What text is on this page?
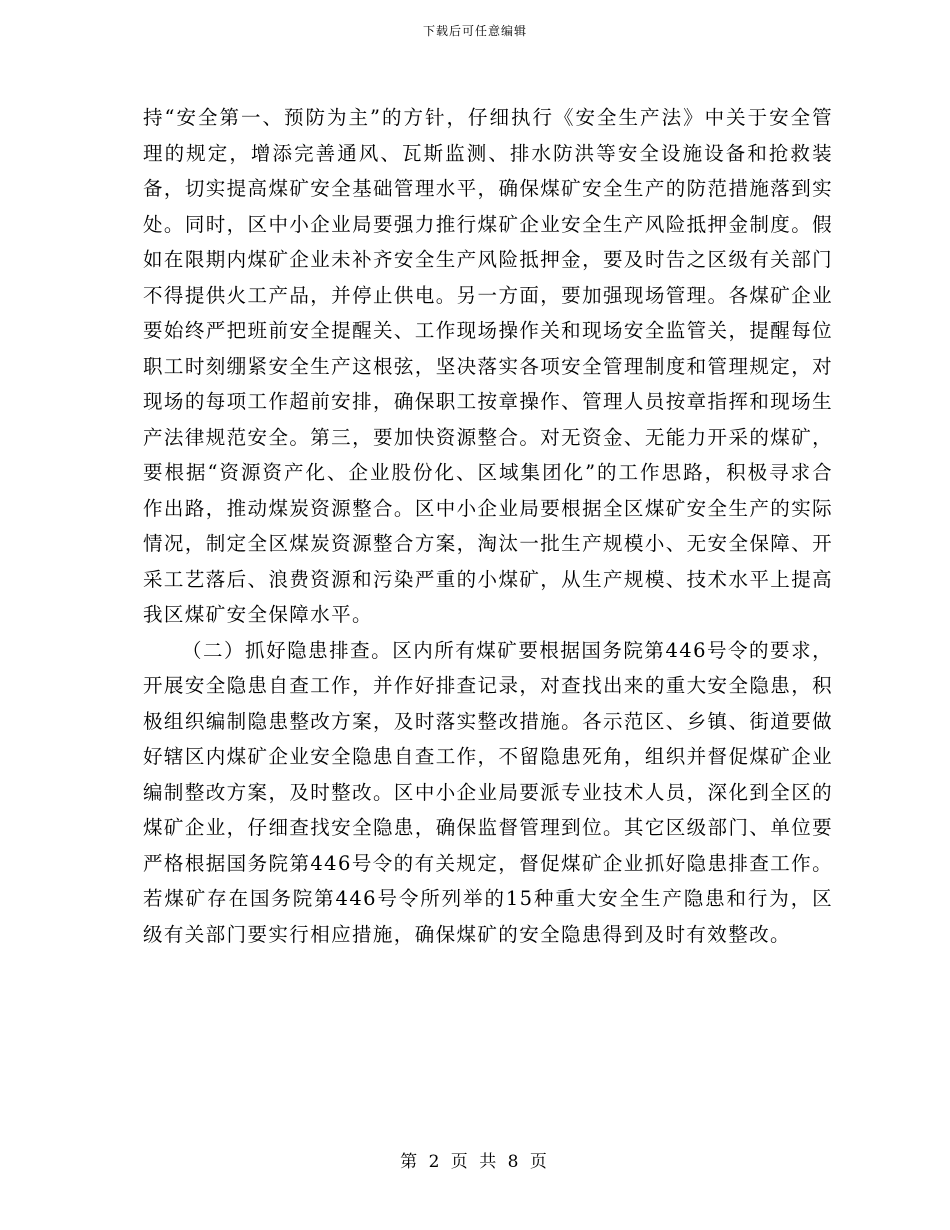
下载后可任意编辑

持“安全第一、预防为主”的方针，仔细执行《安全生产法》中关于安全管理的规定，增添完善通风、瓦斯监测、排水防洪等安全设施设备和抢救装备，切实提高煤矿安全基础管理水平，确保煤矿安全生产的防范措施落到实处。同时，区中小企业局要强力推行煤矿企业安全生产风险抵押金制度。假如在限期内煤矿企业未补齐安全生产风险抵押金，要及时告之区级有关部门不得提供火工产品，并停止供电。另一方面，要加强现场管理。各煤矿企业要始终严把班前安全提醒关、工作现场操作关和现场安全监管关，提醒每位职工时刻绷紧安全生产这根弦，坚决落实各项安全管理制度和管理规定，对现场的每项工作超前安排，确保职工按章操作、管理人员按章指挥和现场生产法律规范安全。第三，要加快资源整合。对无资金、无能力开采的煤矿，要根据“资源资产化、企业股份化、区域集团化”的工作思路，积极寻求合作出路，推动煤炭资源整合。区中小企业局要根据全区煤矿安全生产的实际情况，制定全区煤炭资源整合方案，淘汰一批生产规模小、无安全保障、开采工艺落后、浪费资源和污染严重的小煤矿，从生产规模、技术水平上提高我区煤矿安全保障水平。

（二）抓好隐患排查。区内所有煤矿要根据国务院第446号令的要求，开展安全隐患自查工作，并作好排查记录，对查找出来的重大安全隐患，积极组织编制隐患整改方案，及时落实整改措施。各示范区、乡镇、街道要做好辖区内煤矿企业安全隐患自查工作，不留隐患死角，组织并督促煤矿企业编制整改方案，及时整改。区中小企业局要派专业技术人员，深化到全区的煤矿企业，仔细查找安全隐患，确保监督管理到位。其它区级部门、单位要严格根据国务院第446号令的有关规定，督促煤矿企业抓好隐患排查工作。若煤矿存在国务院第446号令所列举的15种重大安全生产隐患和行为，区级有关部门要实行相应措施，确保煤矿的安全隐患得到及时有效整改。

第 2 页 共 8 页
